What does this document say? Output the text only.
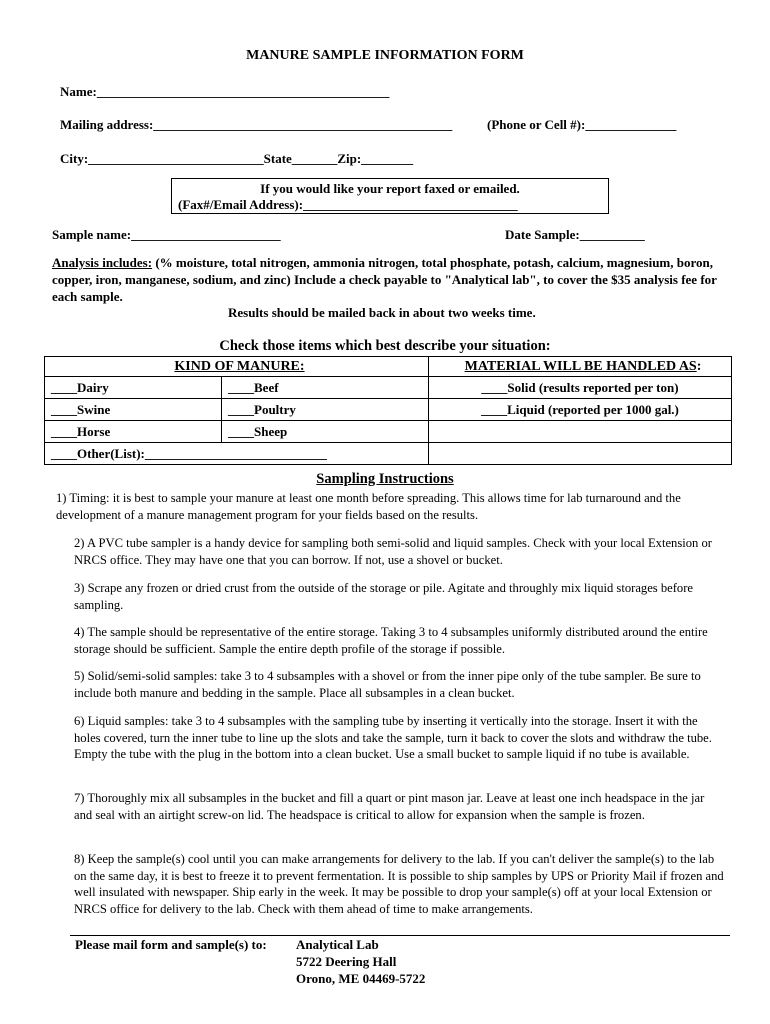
MANURE SAMPLE INFORMATION FORM
Name:_____________________________________________
Mailing address:______________________________________________	(Phone or Cell #):______________
City:___________________________State_______Zip:________
If you would like your report faxed or emailed.
(Fax#/Email Address):_________________________________
Sample name:_______________________	Date Sample:__________
Analysis includes: (% moisture, total nitrogen, ammonia nitrogen, total phosphate, potash, calcium, magnesium, boron, copper, iron, manganese, sodium, and zinc) Include a check payable to "Analytical lab", to cover the $35 analysis fee for each sample.
Results should be mailed back in about two weeks time.
Check those items which best describe your situation:
KIND OF MANURE:		MATERIAL WILL BE HANDLED AS:
____Dairy	____Beef	____Solid (results reported per ton)
____Swine	____Poultry	____Liquid (reported per 1000 gal.)
____Horse	____Sheep	
____Other(List):____________________________		
Sampling Instructions
1) Timing: it is best to sample your manure at least one month before spreading. This allows time for lab turnaround and the development of a manure management program for your fields based on the results.
2) A PVC tube sampler is a handy device for sampling both semi-solid and liquid samples. Check with your local Extension or NRCS office. They may have one that you can borrow. If not, use a shovel or bucket.
3) Scrape any frozen or dried crust from the outside of the storage or pile. Agitate and throughly mix liquid storages before sampling.
4) The sample should be representative of the entire storage. Taking 3 to 4 subsamples uniformly distributed around the entire storage should be sufficient. Sample the entire depth profile of the storage if possible.
5) Solid/semi-solid samples: take 3 to 4 subsamples with a shovel or from the inner pipe only of the tube sampler. Be sure to include both manure and bedding in the sample. Place all subsamples in a clean bucket.
6) Liquid samples: take 3 to 4 subsamples with the sampling tube by inserting it vertically into the storage. Insert it with the holes covered, turn the inner tube to line up the slots and take the sample, turn it back to cover the slots and withdraw the tube. Empty the tube with the plug in the bottom into a clean bucket. Use a small bucket to sample liquid if no tube is available.
7) Thoroughly mix all subsamples in the bucket and fill a quart or pint mason jar. Leave at least one inch headspace in the jar and seal with an airtight screw-on lid. The headspace is critical to allow for expansion when the sample is frozen.
8) Keep the sample(s) cool until you can make arrangements for delivery to the lab. If you can't deliver the sample(s) to the lab on the same day, it is best to freeze it to prevent fermentation. It is possible to ship samples by UPS or Priority Mail if frozen and well insulated with newspaper. Ship early in the week. It may be possible to drop your sample(s) off at your local Extension or NRCS office for delivery to the lab. Check with them ahead of time to make arrangements.
Please mail form and sample(s) to: Analytical Lab
5722 Deering Hall
Orono, ME 04469-5722
